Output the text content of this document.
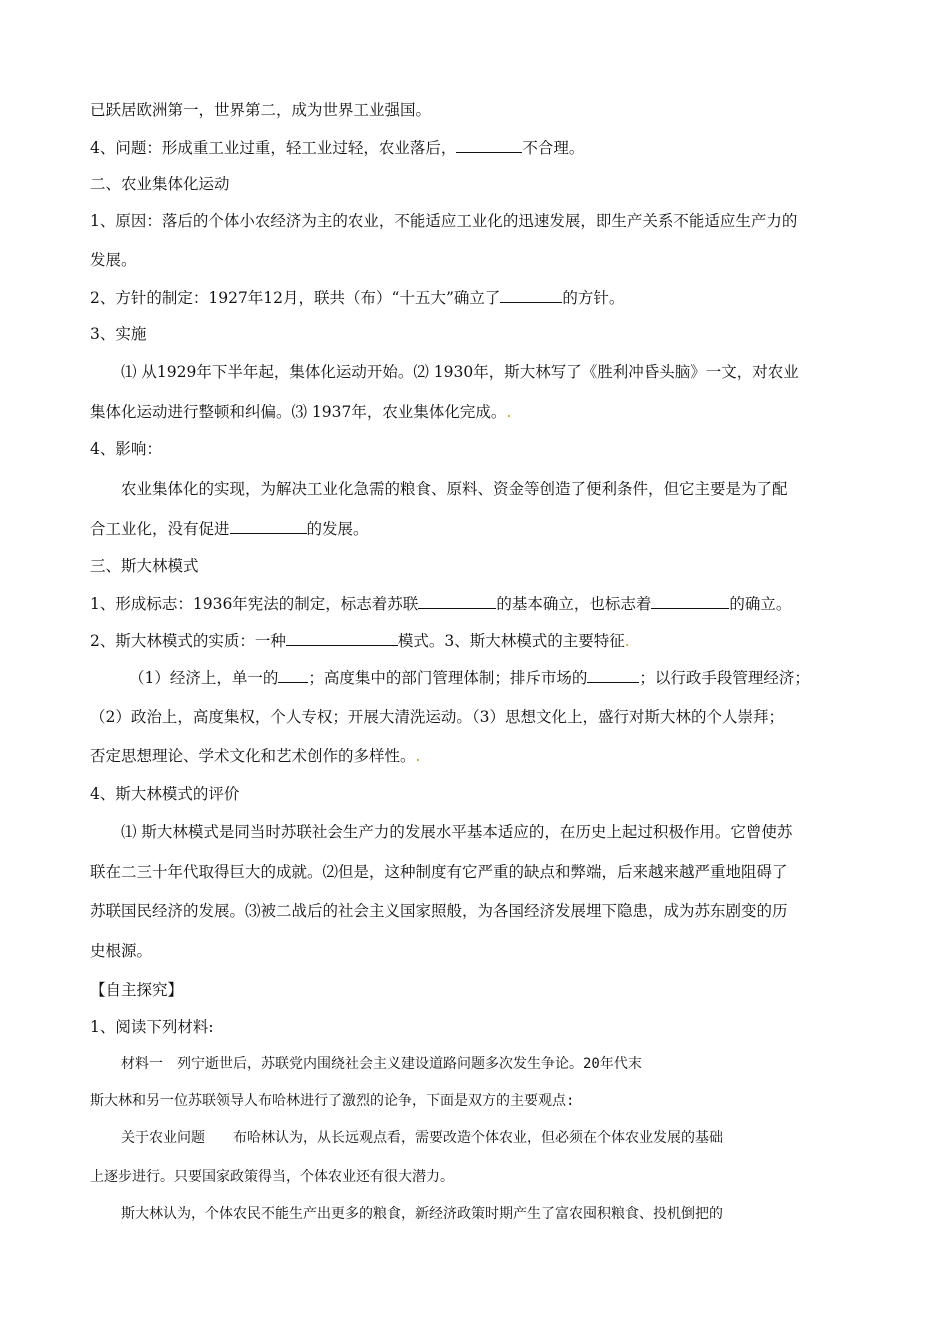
已跃居欧洲第一，世界第二，成为世界工业强国。
4、问题：形成重工业过重，轻工业过轻，农业落后，	不合理。
二、农业集体化运动
1、原因：落后的个体小农经济为主的农业，不能适应工业化的迅速发展，即生产关系不能适应生产力的
发展。
2、方针的制定：1927年12月，联共（布）“十五大”确立了	的方针。
3、实施
⑴ 从1929年下半年起，集体化运动开始。⑵ 1930年，斯大林写了《胜利冲昏头脑》一文，对农业
集体化运动进行整顿和纠偏。⑶ 1937年，农业集体化完成。.
4、影响：
农业集体化的实现，为解决工业化急需的粮食、原料、资金等创造了便利条件，但它主要是为了配
合工业化，没有促进	的发展。
三、斯大林模式
1、形成标志：1936年宪法的制定，标志着苏联	的基本确立，也标志着	的确立。
2、斯大林模式的实质：一种	模式。3、斯大林模式的主要特征.
（1）经济上，单一的 ；高度集中的部门管理体制；排斥市场的	；以行政手段管理经济；
（2）政治上，高度集权，个人专权；开展大清洗运动。（3）思想文化上，盛行对斯大林的个人崇拜；
否定思想理论、学术文化和艺术创作的多样性。.
4、斯大林模式的评价
⑴ 斯大林模式是同当时苏联社会生产力的发展水平基本适应的，在历史上起过积极作用。它曾使苏
联在二三十年代取得巨大的成就。⑵但是，这种制度有它严重的缺点和弊端，后来越来越严重地阻碍了
苏联国民经济的发展。⑶被二战后的社会主义国家照般，为各国经济发展埋下隐患，成为苏东剧变的历
史根源。
【自主探究】
1、阅读下列材料:
材料一　列宁逝世后，苏联党内围绕社会主义建设道路问题多次发生争论。20年代末
斯大林和另一位苏联领导人布哈林进行了激烈的论争，下面是双方的主要观点:
关于农业问题　　布哈林认为，从长远观点看，需要改造个体农业，但必须在个体农业发展的基础
上逐步进行。只要国家政策得当，个体农业还有很大潜力。
斯大林认为，个体农民不能生产出更多的粮食，新经济政策时期产生了富农囤积粮食、投机倒把的
